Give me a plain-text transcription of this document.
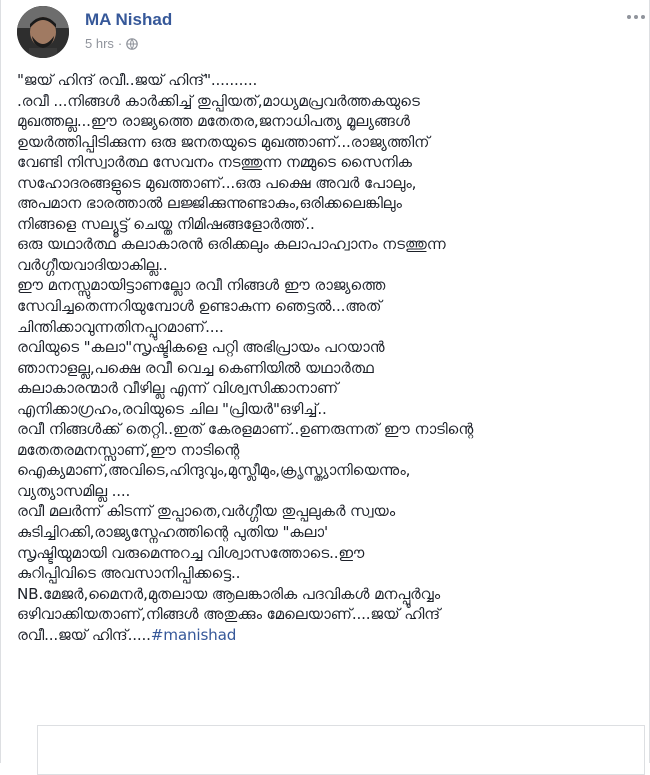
MA Nishad
5 hrs ·
"ജയ് ഹിന്ദ് രവീ..ജയ് ഹിന്ദ്"..........
.രവീ ...നിങ്ങൾ കാർക്കിച്ച് തുപ്പിയത്,മാധ്യമപ്രവർത്തകയുടെ
മുഖത്തല്ല...ഈ രാജ്യത്തെ മതേതര,ജനാധിപത്യ മൂല്യങ്ങൾ
ഉയർത്തിപ്പിടിക്കുന്ന ഒരു ജനതയുടെ മുഖത്താണ്...രാജ്യത്തിന്
വേണ്ടി നിസ്വാർത്ഥ സേവനം നടത്തുന്ന നമ്മുടെ സൈനിക
സഹോദരങ്ങളുടെ മുഖത്താണ്...ഒരു പക്ഷെ അവർ പോലും,
അപമാന ഭാരത്താൽ ലജ്ജിക്കുന്നുണ്ടാകും,ഒരിക്കലെങ്കിലും
നിങ്ങളെ സല്യൂട്ട് ചെയ്ത നിമിഷങ്ങളോർത്ത്..
ഒരു യഥാർത്ഥ കലാകാരൻ ഒരിക്കലും കലാപാഹ്വാനം നടത്തുന്ന
വർഗ്ഗീയവാദിയാകില്ല..
ഈ മനസ്സുമായിട്ടാണല്ലോ രവീ നിങ്ങൾ ഈ രാജ്യത്തെ
സേവിച്ചതെന്നറിയുമ്പോൾ ഉണ്ടാകുന്ന ഞെട്ടൽ...അത്
ചിന്തിക്കാവുന്നതിനപ്പുറമാണ്....
രവിയുടെ "കലാ"സൃഷ്ടികളെ പറ്റി അഭിപ്രായം പറയാൻ
ഞാനാളല്ല,പക്ഷെ രവീ വെച്ച കെണിയിൽ യഥാർത്ഥ
കലാകാരന്മാർ വീഴില്ല എന്ന് വിശ്വസിക്കാനാണ്
എനിക്കാഗ്രഹം,രവിയുടെ ചില "പ്രിയർ"ഒഴിച്ച്..
രവീ നിങ്ങൾക്ക് തെറ്റി..ഇത് കേരളമാണ്..ഉണരുന്നത് ഈ നാടിന്റെ
മതേതരമനസ്സാണ്,ഈ നാടിന്റെ
ഐക്യമാണ്,അവിടെ,ഹിന്ദുവും,മുസ്ലീമും,ക്രൃസ്ത്യാനിയെന്നും,
വ്യത്യാസമില്ല ....
രവീ മലർന്ന് കിടന്ന് തുപ്പാതെ,വർഗ്ഗീയ തുപ്പലുകർ സ്വയം
കുടിച്ചിറക്കി,രാജ്യസ്നേഹത്തിന്റെ പുതിയ "കലാ'
സൃഷ്ടിയുമായി വരുമെന്നുറച്ച വിശ്വാസത്തോടെ..ഈ
കുറിപ്പിവിടെ അവസാനിപ്പിക്കട്ടെ..
NB.മേജർ,മൈനർ,മുതലായ ആലങ്കാരിക പദവികൾ മനപ്പൂർവ്വം
ഒഴിവാക്കിയതാണ്,നിങ്ങൾ അതുക്കും മേലെയാണ്....ജയ് ഹിന്ദ്
രവീ...ജയ് ഹിന്ദ്.....#manishad
